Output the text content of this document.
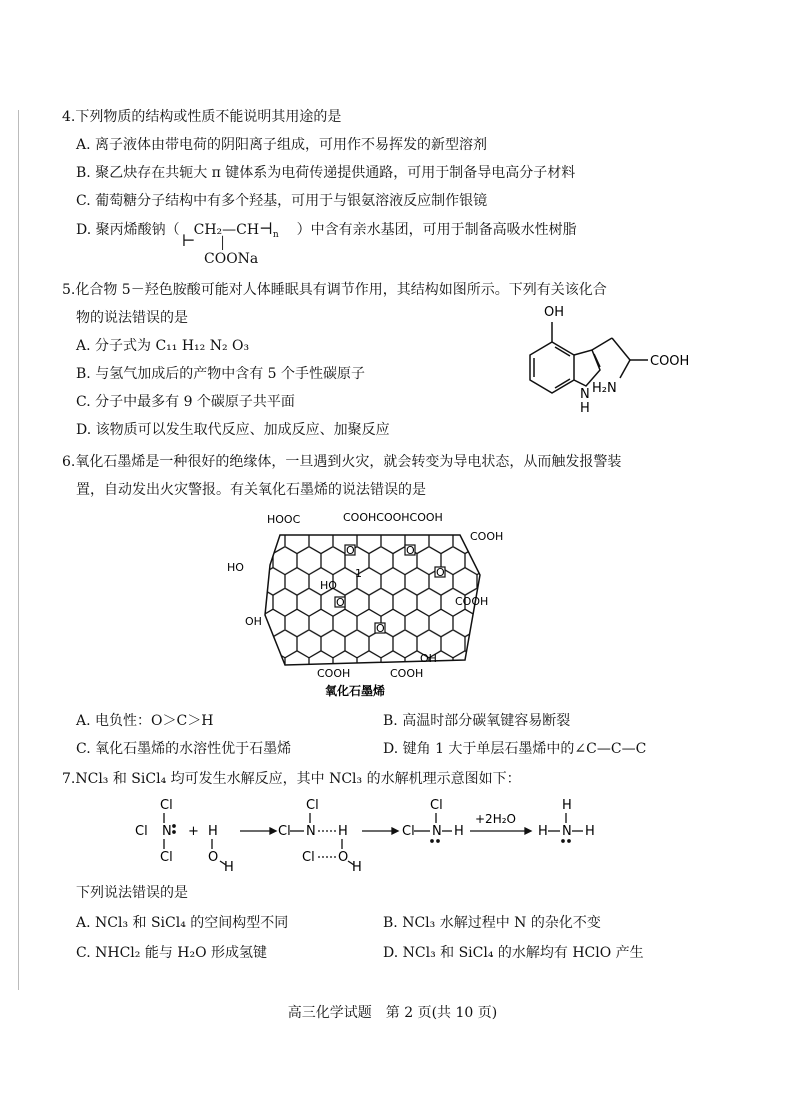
4.下列物质的结构或性质不能说明其用途的是
A. 离子液体由带电荷的阴阳离子组成，可用作不易挥发的新型溶剂
B. 聚乙炔存在共轭大 π 键体系为电荷传递提供通路，可用于制备导电高分子材料
C. 葡萄糖分子结构中有多个羟基，可用于与银氨溶液反应制作银镜
D. 聚丙烯酸钠（
⊢
$CH_2—CH⊣_n$ ）中含有亲水基团，可用于制备高吸水性树脂
│
COONa
5.化合物 5－羟色胺酸可能对人体睡眠具有调节作用，其结构如图所示。下列有关该化合
物的说法错误的是
A. 分子式为 C₁₁ H₁₂ N₂ O₃
B. 与氢气加成后的产物中含有 5 个手性碳原子
C. 分子中最多有 9 个碳原子共平面
D. 该物质可以发生取代反应、加成反应、加聚反应
OH
N
H
COOH
H₂N
6.氧化石墨烯是一种很好的绝缘体，一旦遇到火灾，就会转变为导电状态，从而触发报警装
置，自动发出火灾警报。有关氧化石墨烯的说法错误的是
O	O
O
O
O
HOOC	COOHCOOHCOOH
COOH
HO
HO
1
COOH
OH
OH
COOH	COOH
氧化石墨烯
A. 电负性：O＞C＞H	B. 高温时部分碳氧键容易断裂
C. 氧化石墨烯的水溶性优于石墨烯	D. 键角 1 大于单层石墨烯中的∠C—C—C
7.NCl₃ 和 SiCl₄ 均可发生水解反应，其中 NCl₃ 的水解机理示意图如下：
Cl
Cl N
Cl
+ H
O
H
Cl
Cl N H
Cl O
H
Cl
Cl N H
+2H₂O
H
H N H
下列说法错误的是
A. NCl₃ 和 SiCl₄ 的空间构型不同	B. NCl₃ 水解过程中 N 的杂化不变
C. NHCl₂ 能与 H₂O 形成氢键	D. NCl₃ 和 SiCl₄ 的水解均有 HClO 产生
高三化学试题　第 2 页(共 10 页)
